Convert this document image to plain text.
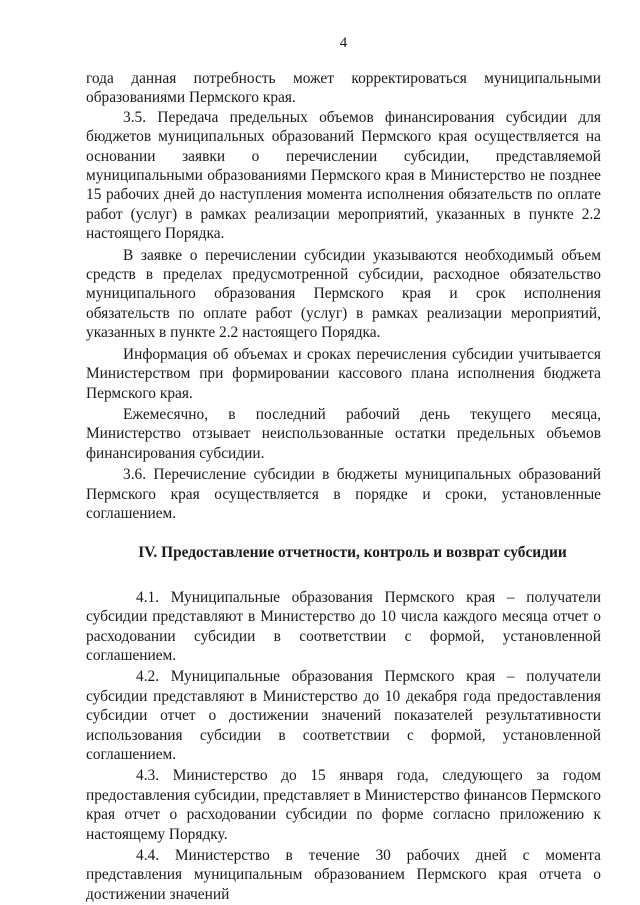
4

года данная потребность может корректироваться муниципальными образованиями Пермского края.

3.5. Передача предельных объемов финансирования субсидии для бюджетов муниципальных образований Пермского края осуществляется на основании заявки о перечислении субсидии, представляемой муниципальными образованиями Пермского края в Министерство не позднее 15 рабочих дней до наступления момента исполнения обязательств по оплате работ (услуг) в рамках реализации мероприятий, указанных в пункте 2.2 настоящего Порядка.

В заявке о перечислении субсидии указываются необходимый объем средств в пределах предусмотренной субсидии, расходное обязательство муниципального образования Пермского края и срок исполнения обязательств по оплате работ (услуг) в рамках реализации мероприятий, указанных в пункте 2.2 настоящего Порядка.

Информация об объемах и сроках перечисления субсидии учитывается Министерством при формировании кассового плана исполнения бюджета Пермского края.

Ежемесячно, в последний рабочий день текущего месяца, Министерство отзывает неиспользованные остатки предельных объемов финансирования субсидии.

3.6. Перечисление субсидии в бюджеты муниципальных образований Пермского края осуществляется в порядке и сроки, установленные соглашением.

IV. Предоставление отчетности, контроль и возврат субсидии

4.1. Муниципальные образования Пермского края – получатели субсидии представляют в Министерство до 10 числа каждого месяца отчет о расходовании субсидии в соответствии с формой, установленной соглашением.

4.2. Муниципальные образования Пермского края – получатели субсидии представляют в Министерство до 10 декабря года предоставления субсидии отчет о достижении значений показателей результативности использования субсидии в соответствии с формой, установленной соглашением.

4.3. Министерство до 15 января года, следующего за годом предоставления субсидии, представляет в Министерство финансов Пермского края отчет о расходовании субсидии по форме согласно приложению к настоящему Порядку.

4.4. Министерство в течение 30 рабочих дней с момента представления муниципальным образованием Пермского края отчета о достижении значений
